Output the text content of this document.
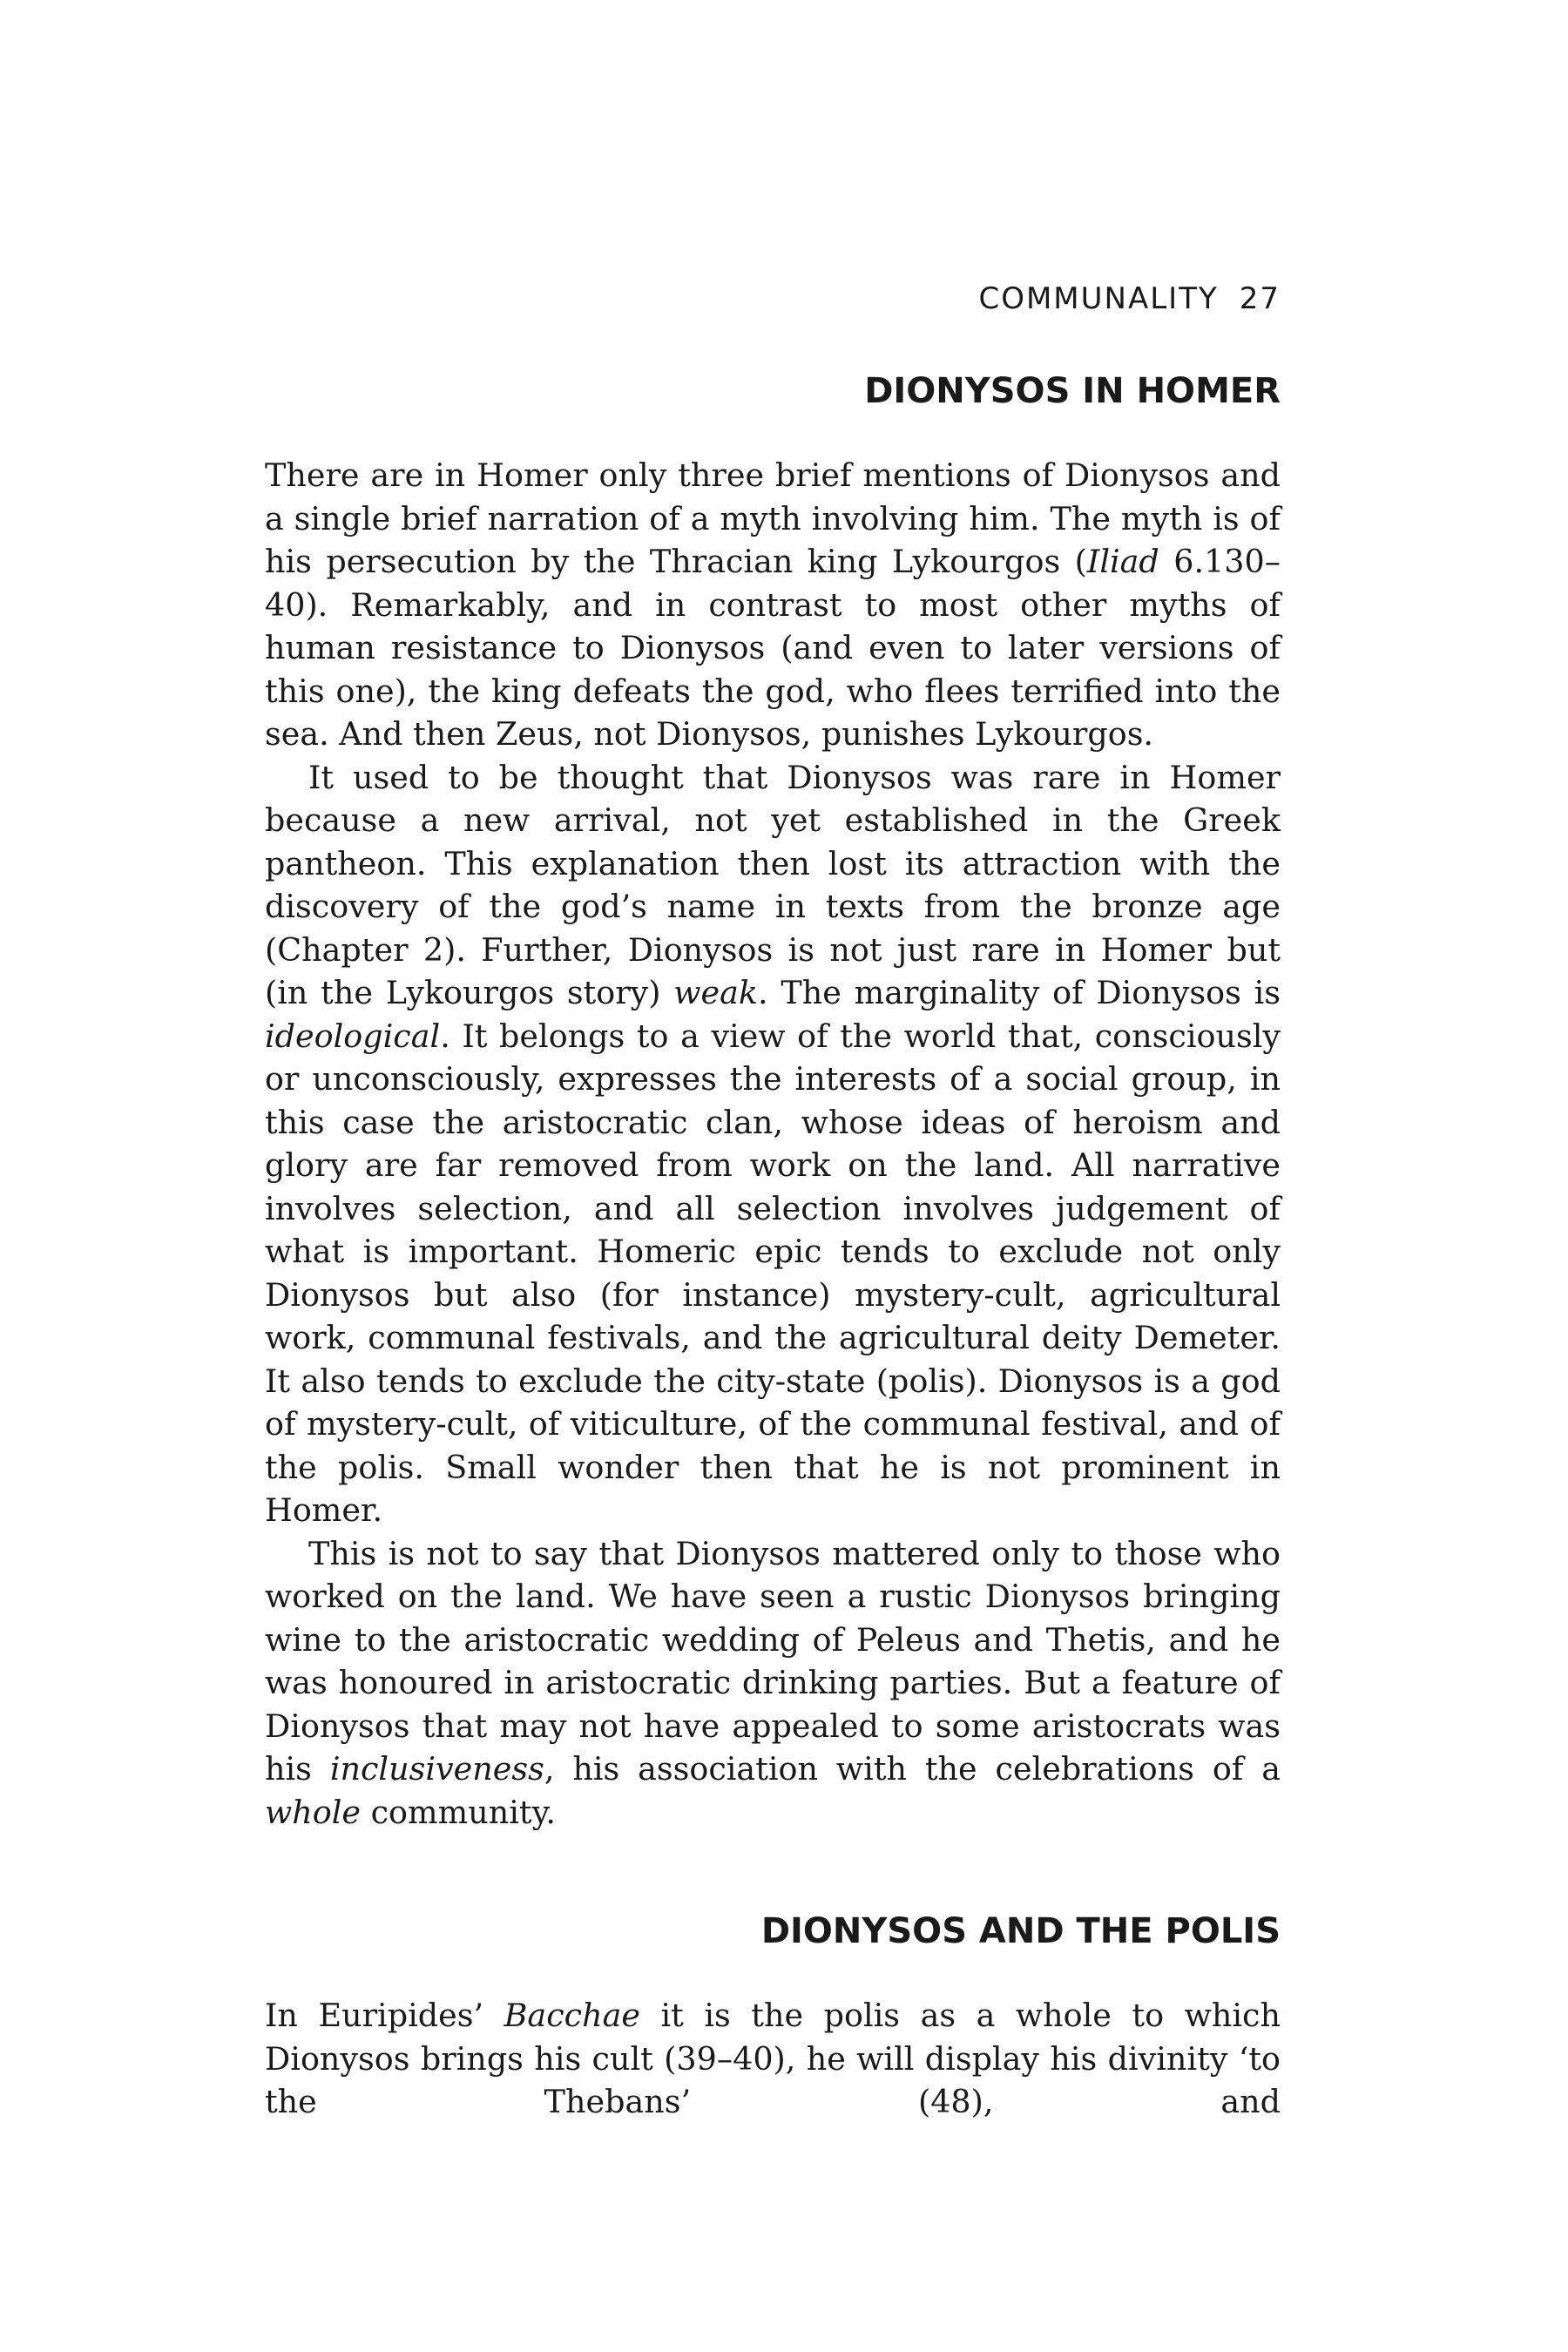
COMMUNALITY 27
DIONYSOS IN HOMER

There are in Homer only three brief mentions of Dionysos and a single brief narration of a myth involving him. The myth is of his persecution by the Thracian king Lykourgos (Iliad 6.130–40). Remarkably, and in contrast to most other myths of human resistance to Dionysos (and even to later versions of this one), the king defeats the god, who flees terrified into the sea. And then Zeus, not Dionysos, punishes Lykourgos.

It used to be thought that Dionysos was rare in Homer because a new arrival, not yet established in the Greek pantheon. This explanation then lost its attraction with the discovery of the god’s name in texts from the bronze age (Chapter 2). Further, Dionysos is not just rare in Homer but (in the Lykourgos story) weak. The marginality of Dionysos is ideological. It belongs to a view of the world that, consciously or unconsciously, expresses the interests of a social group, in this case the aristocratic clan, whose ideas of heroism and glory are far removed from work on the land. All narrative involves selection, and all selection involves judgement of what is important. Homeric epic tends to exclude not only Dionysos but also (for instance) mystery-cult, agricultural work, communal festivals, and the agricultural deity Demeter. It also tends to exclude the city-state (polis). Dionysos is a god of mystery-cult, of viticulture, of the communal festival, and of the polis. Small wonder then that he is not prominent in Homer.

This is not to say that Dionysos mattered only to those who worked on the land. We have seen a rustic Dionysos bringing wine to the aristocratic wedding of Peleus and Thetis, and he was honoured in aristocratic drinking parties. But a feature of Dionysos that may not have appealed to some aristocrats was his inclusiveness, his association with the celebrations of a whole community.

DIONYSOS AND THE POLIS

In Euripides’ Bacchae it is the polis as a whole to which Dionysos brings his cult (39–40), he will display his divinity ‘to the Thebans’ (48), and
